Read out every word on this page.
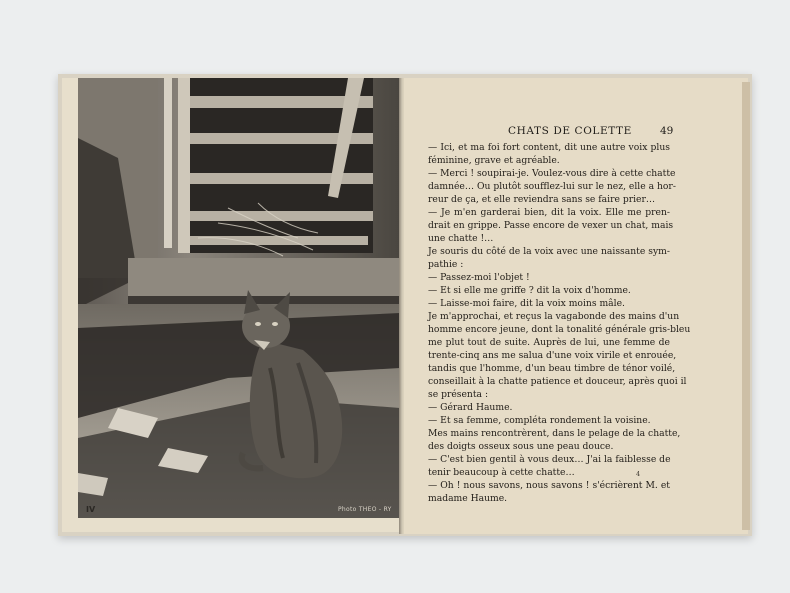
IV	Photo THEO - RY
CHATS DE COLETTE	49
— Ici, et ma foi fort content, dit une autre voix plus
féminine, grave et agréable.
— Merci ! soupirai-je. Voulez-vous dire à cette chatte
damnée… Ou plutôt soufflez-lui sur le nez, elle a hor-
reur de ça, et elle reviendra sans se faire prier…
— Je m'en garderai bien, dit la voix. Elle me pren-
drait en grippe. Passe encore de vexer un chat, mais
une chatte !…
Je souris du côté de la voix avec une naissante sym-
pathie :
— Passez-moi l'objet !
— Et si elle me griffe ? dit la voix d'homme.
— Laisse-moi faire, dit la voix moins mâle.
Je m'approchai, et reçus la vagabonde des mains d'un
homme encore jeune, dont la tonalité générale gris-bleu
me plut tout de suite. Auprès de lui, une femme de
trente-cinq ans me salua d'une voix virile et enrouée,
tandis que l'homme, d'un beau timbre de ténor voilé,
conseillait à la chatte patience et douceur, après quoi il
se présenta :
— Gérard Haume.
— Et sa femme, compléta rondement la voisine.
Mes mains rencontrèrent, dans le pelage de la chatte,
des doigts osseux sous une peau douce.
— C'est bien gentil à vous deux… J'ai la faiblesse de
tenir beaucoup à cette chatte…
— Oh ! nous savons, nous savons ! s'écrièrent M. et
madame Haume.
4
